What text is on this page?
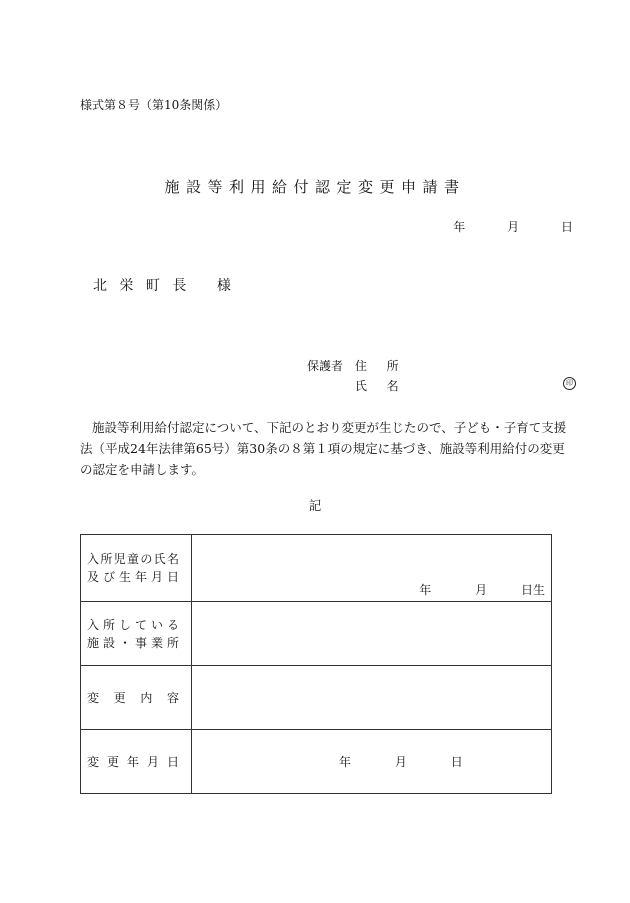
様式第８号（第10条関係）
施設等利用給付認定変更申請書
年	月	日
北 栄 町 長 様
保護者 住 所
氏 名	印
施設等利用給付認定について、下記のとおり変更が生じたので、子ども・子育て支援法（平成24年法律第65号）第30条の８第１項の規定に基づき、施設等利用給付の変更の認定を申請します。
記
入所児童の氏名
及び生年月日	年 月 日生

入所している
施設・事業所	

変更内容	

変更年月日	年 月 日
